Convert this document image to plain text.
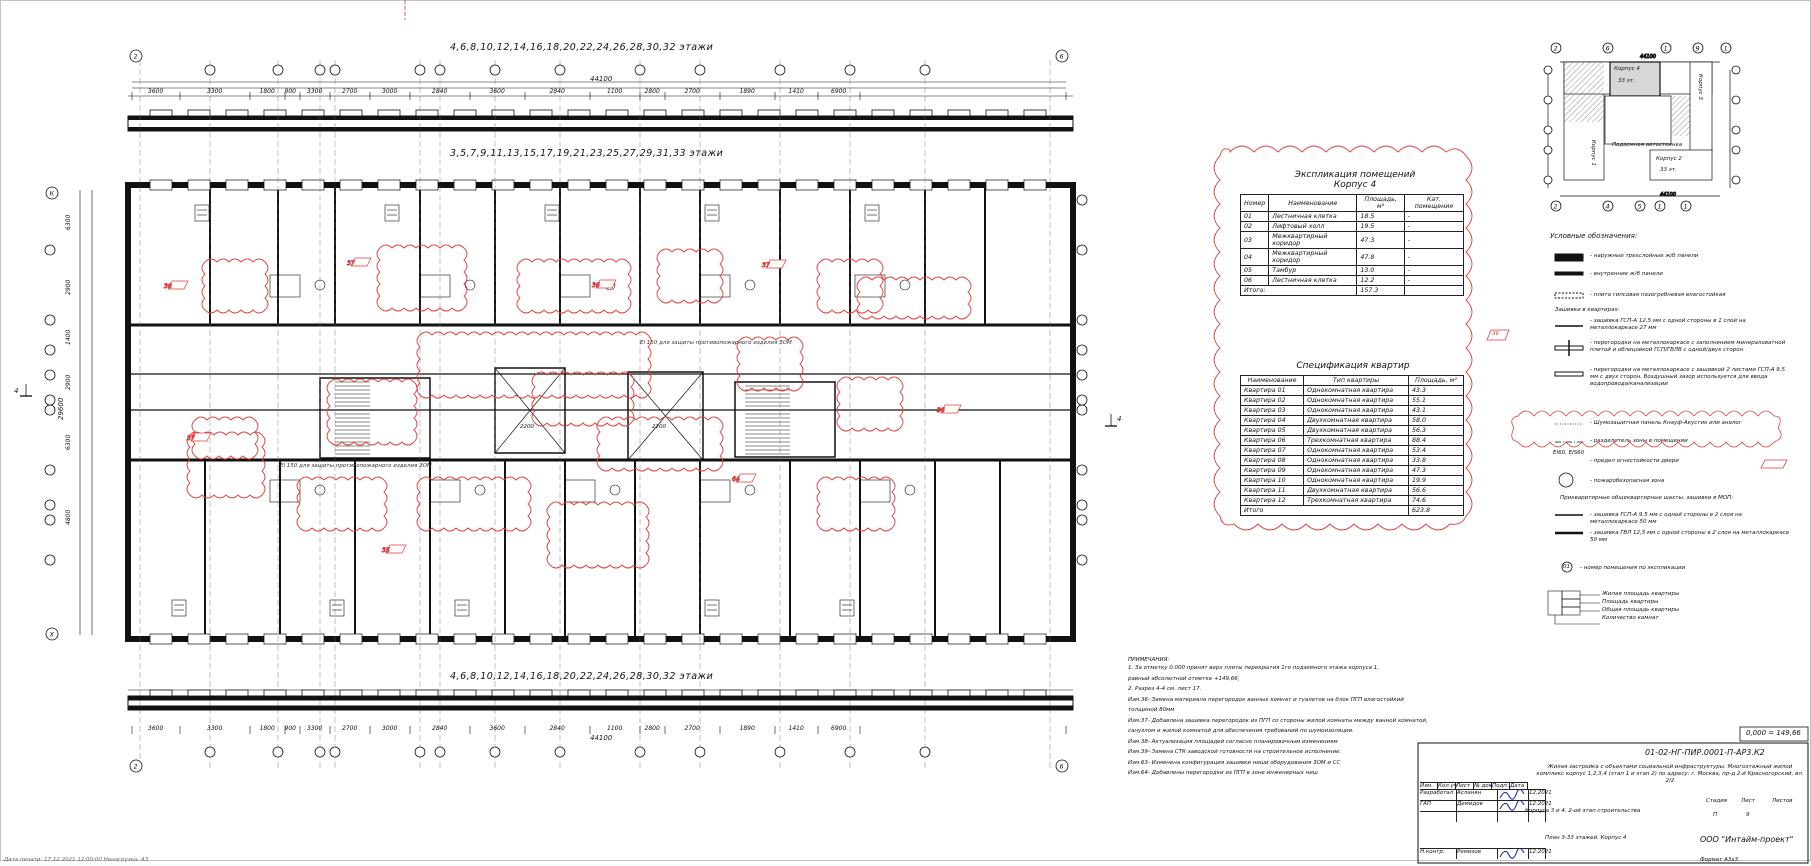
36
37
36
37
36
37
35
64
3600
3600
3300
3300
1800
1800
900
900
3300
3300
2700
2700
3000
3000
2840
2840
3600
3600
2840
2840
1100
1100
2800
2800
2700
2700
1890
1890
1410
1410
6900
6900
6300
2900
1400
2900
6300
4800
2	6
2	6
К
Х
2	6	1	9	1
2	4	5 1	1
44100
44100
4,6,8,10,12,14,16,18,20,22,24,26,28,30,32 этажи
3,5,7,9,11,13,15,17,19,21,23,25,27,29,31,33 этажи
4,6,8,10,12,14,16,18,20,22,24,26,28,30,32 этажи
44100
44100
29600
4
4
El 150 для защиты противопожарного изделия ЗОМ
El 150 для защиты противопожарного изделия ЗОМ
2200	2200
Экспликация помещений
Корпус 4
Номер	Наименование	Площадь, м²	Кат. помещения
01	Лестничная клетка	18.5	-
02	Лифтовый холл	19.5	-
03	Межквартирный коридор	47.3	-
04	Межквартирный коридор	47.8	-
05	Тамбур	13.0	-
06	Лестничная клетка	12.2	-
Итого:		157.3	
Спецификация квартир
Наименование	Тип квартиры	Площадь, м²
Квартира 01	Однокомнатная квартира	43.3
Квартира 02	Однокомнатная квартира	55.1
Квартира 03	Однокомнатная квартира	43.1
Квартира 04	Двухкомнатная квартира	58.0
Квартира 05	Двухкомнатная квартира	56.3
Квартира 06	Трехкомнатная квартира	88.4
Квартира 07	Однокомнатная квартира	53.4
Квартира 08	Однокомнатная квартира	33.8
Квартира 09	Однокомнатная квартира	47.3
Квартира 10	Однокомнатная квартира	19.9
Квартира 11	Двухкомнатная квартира	56.6
Квартира 12	Трехкомнатная квартира	74.6
Итого		623.8
36
Корпус 4
33 эт.	Корпус 3
Корпус 2
33 эт.
Корпус 1	Подземная автостоянка
Условные обозначения:
- наружные трехслойные ж/б панели
- внутренние ж/б панели
- плита гипсовая пазогребневая влагостойкая
- перегородки на металлокаркасе с заполнением минераловатной плитой и облицовкой ГСП/ГВЛВ с одной/двух сторон
- перегородки на металлокаркасе с зашивкой 2 листами ГСП-А 9,5 мм с двух сторон. Воздушный зазор используется для ввода водопровода/канализации
- Шумозащитная панель Кнауф-Акустик или аналог
- разделитель зоны в помещении
- предел огнестойкости двери
- пожаробезопасная зона
- зашивка ГСП-А 9,5 мм с одной стороны в 2 слоя на металлокаркасе 50 мм
- зашивка ГВЛ 12,5 мм с одной стороны в 2 слоя на металлокаркасе 50 мм
- номер помещения по экспликации
- зашивка ГСП-А 12,5 мм с одной стороны в 1 слой на металлокаркасе 27 мм
Зашивки в квартирах:
EI60, EIS60
Прикваритирные общеквартирные шахты, зашивки в МОП:
01
Жилая площадь квартиры
Площадь квартиры
Общая площадь квартиры
Количество комнат
ПРИМЕЧАНИЯ:
1. За отметку 0.000 принят верх плиты перекрытия 1го подземного этажа корпуса 1,
равный абсолютной отметке +149,66;
2. Разрез 4-4 см. лист 17.
Изм.36- Замена материала перегородок ванных комнат и туалетов на блок ПГП влагостойкий
толщиной 80мм
Изм.37- Добавлена зашивка перегородок из ПГП со стороны жилой комнаты между ванной комнатой,
санузлом и жилой комнатой для обеспечения требований по шумоизоляции.
Изм.38- Актуализация площадей согласно планировочным изменениям
Изм.39- Замена СТК заводской готовности на строительное исполнение.
Изм.63- Изменена конфигурация зашивки ниши оборудования ЗОМ и СС
Изм.64- Добавлены перегородки из ПГП в зоне инженерных ниш
0,000 = 149,66
01-02-НГ-ПИР.0001-П-АР3.К2
Жилая застройка с объектами социальной инфраструктуры. Многоэтажный жилой комплекс корпус 1,2,3,4 (этап 1 и этап 2) по адресу: г. Москва, пр-д 2-й Красногорский, вл. 2/2
Корпуса 3 и 4. 2-ой этап строительства
План 3-33 этажей. Корпус 4	ООО "Интайм-проект"
Стадия	Лист	Листов
П	9
Изм. Кол.уч
Лист № док.
Подп. Дата
Разработал Асланян	12.2021
ГАП	Демидов	12.2021
Н.контр.	Ремизов	12.2021
Формат А3х3
Дата печати: 17.12.2021 12:00:00 Ненагрузка: А3
